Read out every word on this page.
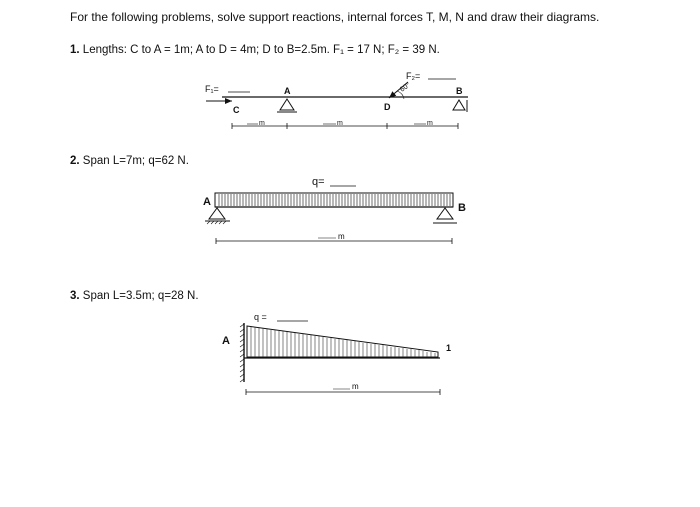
For the following problems, solve support reactions, internal forces T, M, N and draw their diagrams.
1. Lengths: C to A = 1m; A to D = 4m; D to B=2.5m. F₁ = 17 N; F₂ = 39 N.
2. Span L=7m; q=62 N.
3. Span L=3.5m; q=28 N.
F₁=
C
A
F₂=
60°
D
B
m	m	m
q=
A	B
m
q =
A
1
m
